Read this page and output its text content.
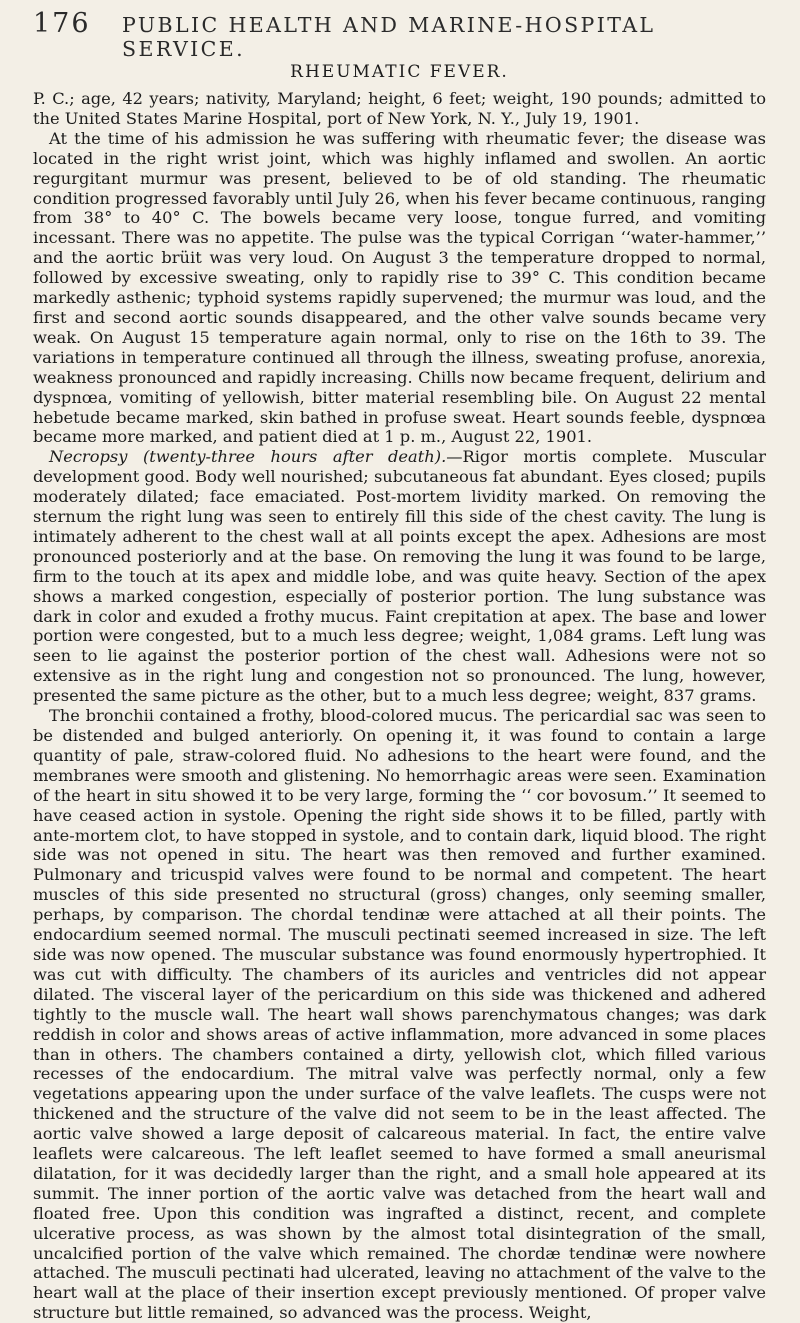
176	PUBLIC HEALTH AND MARINE-HOSPITAL SERVICE.
RHEUMATIC FEVER.

P. C.; age, 42 years; nativity, Maryland; height, 6 feet; weight, 190 pounds; admitted to the United States Marine Hospital, port of New York, N. Y., July 19, 1901.

At the time of his admission he was suffering with rheumatic fever; the disease was located in the right wrist joint, which was highly inflamed and swollen. An aortic regurgitant murmur was present, believed to be of old standing. The rheumatic condition progressed favorably until July 26, when his fever became continuous, ranging from 38° to 40° C. The bowels became very loose, tongue furred, and vomiting incessant. There was no appetite. The pulse was the typical Corrigan ‘‘water-hammer,’’ and the aortic brüit was very loud. On August 3 the temperature dropped to normal, followed by excessive sweating, only to rapidly rise to 39° C. This condition became markedly asthenic; typhoid systems rapidly supervened; the murmur was loud, and the first and second aortic sounds disappeared, and the other valve sounds became very weak. On August 15 temperature again normal, only to rise on the 16th to 39. The variations in temperature continued all through the illness, sweating profuse, anorexia, weakness pronounced and rapidly increasing. Chills now became frequent, delirium and dyspnœa, vomiting of yellowish, bitter material resembling bile. On August 22 mental hebetude became marked, skin bathed in profuse sweat. Heart sounds feeble, dyspnœa became more marked, and patient died at 1 p. m., August 22, 1901.

Necropsy (twenty-three hours after death).—Rigor mortis complete. Muscular development good. Body well nourished; subcutaneous fat abundant. Eyes closed; pupils moderately dilated; face emaciated. Post-mortem lividity marked. On removing the sternum the right lung was seen to entirely fill this side of the chest cavity. The lung is intimately adherent to the chest wall at all points except the apex. Adhesions are most pronounced posteriorly and at the base. On removing the lung it was found to be large, firm to the touch at its apex and middle lobe, and was quite heavy. Section of the apex shows a marked congestion, especially of posterior portion. The lung substance was dark in color and exuded a frothy mucus. Faint crepitation at apex. The base and lower portion were congested, but to a much less degree; weight, 1,084 grams. Left lung was seen to lie against the posterior portion of the chest wall. Adhesions were not so extensive as in the right lung and congestion not so pronounced. The lung, however, presented the same picture as the other, but to a much less degree; weight, 837 grams.

The bronchii contained a frothy, blood-colored mucus. The pericardial sac was seen to be distended and bulged anteriorly. On opening it, it was found to contain a large quantity of pale, straw-colored fluid. No adhesions to the heart were found, and the membranes were smooth and glistening. No hemorrhagic areas were seen. Examination of the heart in situ showed it to be very large, forming the ‘‘ cor bovosum.’’ It seemed to have ceased action in systole. Opening the right side shows it to be filled, partly with ante-mortem clot, to have stopped in systole, and to contain dark, liquid blood. The right side was not opened in situ. The heart was then removed and further examined. Pulmonary and tricuspid valves were found to be normal and competent. The heart muscles of this side presented no structural (gross) changes, only seeming smaller, perhaps, by comparison. The chordal tendinæ were attached at all their points. The endocardium seemed normal. The musculi pectinati seemed increased in size. The left side was now opened. The muscular substance was found enormously hypertrophied. It was cut with difficulty. The chambers of its auricles and ventricles did not appear dilated. The visceral layer of the pericardium on this side was thickened and adhered tightly to the muscle wall. The heart wall shows parenchymatous changes; was dark reddish in color and shows areas of active inflammation, more advanced in some places than in others. The chambers contained a dirty, yellowish clot, which filled various recesses of the endocardium. The mitral valve was perfectly normal, only a few vegetations appearing upon the under surface of the valve leaflets. The cusps were not thickened and the structure of the valve did not seem to be in the least affected. The aortic valve showed a large deposit of calcareous material. In fact, the entire valve leaflets were calcareous. The left leaflet seemed to have formed a small aneurismal dilatation, for it was decidedly larger than the right, and a small hole appeared at its summit. The inner portion of the aortic valve was detached from the heart wall and floated free. Upon this condition was ingrafted a distinct, recent, and complete ulcerative process, as was shown by the almost total disintegration of the small, uncalcified portion of the valve which remained. The chordæ tendinæ were nowhere attached. The musculi pectinati had ulcerated, leaving no attachment of the valve to the heart wall at the place of their insertion except previously mentioned. Of proper valve structure but little remained, so advanced was the process. Weight,
